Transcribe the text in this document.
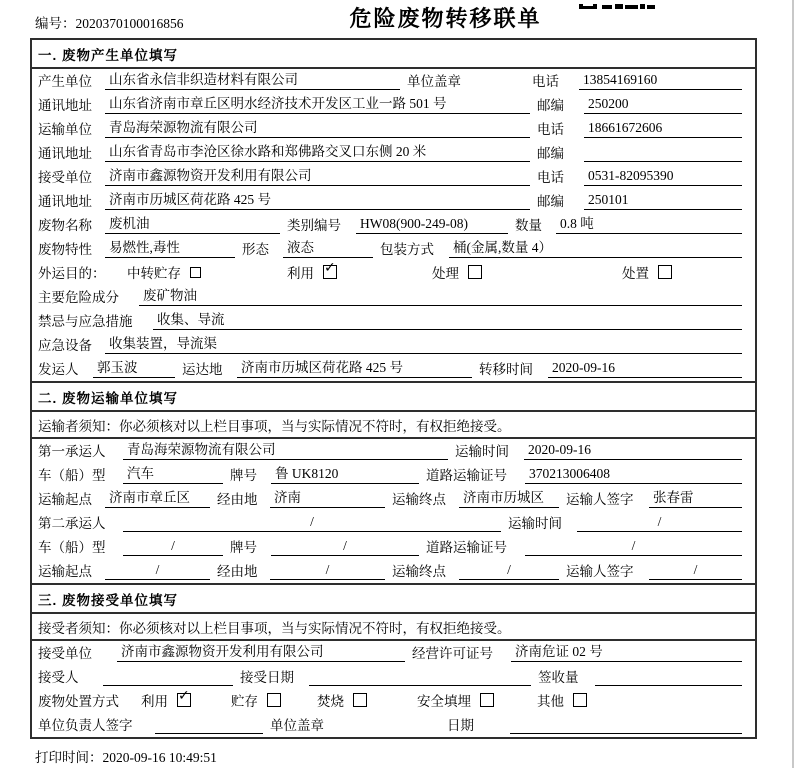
编号：2020370100016856	危险废物转移联单
一. 废物产生单位填写
产生单位	山东省永信非织造材料有限公司	单位盖章	电话	13854169160
通讯地址	山东省济南市章丘区明水经济技术开发区工业一路 501 号	邮编	250200
运输单位	青岛海荣源物流有限公司	电话	18661672606
通讯地址	山东省青岛市李沧区徐水路和郑佛路交叉口东侧 20 米	邮编
接受单位	济南市鑫源物资开发利用有限公司	电话	0531-82095390
通讯地址	济南市历城区荷花路 425 号	邮编	250101
废物名称	废机油	类别编号	HW08(900-249-08)	数量	0.8 吨
废物特性	易燃性,毒性	形态	液态	包装方式	桶(金属,数量 4）
外运目的：	中转贮存	利用 ✓	处理	处置
主要危险成分	废矿物油
禁忌与应急措施	收集、导流
应急设备	收集装置，导流渠
发运人	郭玉波	运达地	济南市历城区荷花路 425 号	转移时间	2020-09-16
二. 废物运输单位填写
运输者须知：你必须核对以上栏目事项，当与实际情况不符时，有权拒绝接受。
第一承运人	青岛海荣源物流有限公司	运输时间	2020-09-16
车（船）型	汽车	牌号	鲁 UK8120	道路运输证号	370213006408
运输起点	济南市章丘区	经由地	济南	运输终点	济南市历城区	运输人签字	张春雷
第二承运人	/	运输时间	/
车（船）型	/	牌号	/	道路运输证号	/
运输起点	/	经由地	/	运输终点	/	运输人签字	/
三. 废物接受单位填写
接受者须知：你必须核对以上栏目事项，当与实际情况不符时，有权拒绝接受。
接受单位	济南市鑫源物资开发利用有限公司	经营许可证号	济南危证 02 号
接受人	接受日期	签收量
废物处置方式	利用 ✓	贮存	焚烧	安全填埋	其他
单位负责人签字	单位盖章	日期
打印时间：2020-09-16 10:49:51
